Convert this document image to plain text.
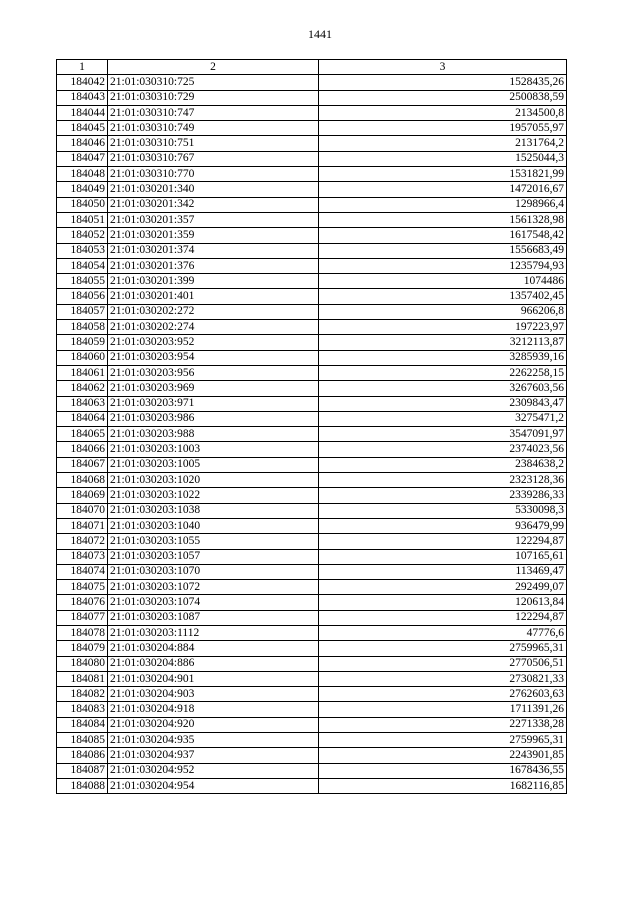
1441
1	2	3
184042	21:01:030310:725	1528435,26
184043	21:01:030310:729	2500838,59
184044	21:01:030310:747	2134500,8
184045	21:01:030310:749	1957055,97
184046	21:01:030310:751	2131764,2
184047	21:01:030310:767	1525044,3
184048	21:01:030310:770	1531821,99
184049	21:01:030201:340	1472016,67
184050	21:01:030201:342	1298966,4
184051	21:01:030201:357	1561328,98
184052	21:01:030201:359	1617548,42
184053	21:01:030201:374	1556683,49
184054	21:01:030201:376	1235794,93
184055	21:01:030201:399	1074486
184056	21:01:030201:401	1357402,45
184057	21:01:030202:272	966206,8
184058	21:01:030202:274	197223,97
184059	21:01:030203:952	3212113,87
184060	21:01:030203:954	3285939,16
184061	21:01:030203:956	2262258,15
184062	21:01:030203:969	3267603,56
184063	21:01:030203:971	2309843,47
184064	21:01:030203:986	3275471,2
184065	21:01:030203:988	3547091,97
184066	21:01:030203:1003	2374023,56
184067	21:01:030203:1005	2384638,2
184068	21:01:030203:1020	2323128,36
184069	21:01:030203:1022	2339286,33
184070	21:01:030203:1038	5330098,3
184071	21:01:030203:1040	936479,99
184072	21:01:030203:1055	122294,87
184073	21:01:030203:1057	107165,61
184074	21:01:030203:1070	113469,47
184075	21:01:030203:1072	292499,07
184076	21:01:030203:1074	120613,84
184077	21:01:030203:1087	122294,87
184078	21:01:030203:1112	47776,6
184079	21:01:030204:884	2759965,31
184080	21:01:030204:886	2770506,51
184081	21:01:030204:901	2730821,33
184082	21:01:030204:903	2762603,63
184083	21:01:030204:918	1711391,26
184084	21:01:030204:920	2271338,28
184085	21:01:030204:935	2759965,31
184086	21:01:030204:937	2243901,85
184087	21:01:030204:952	1678436,55
184088	21:01:030204:954	1682116,85
